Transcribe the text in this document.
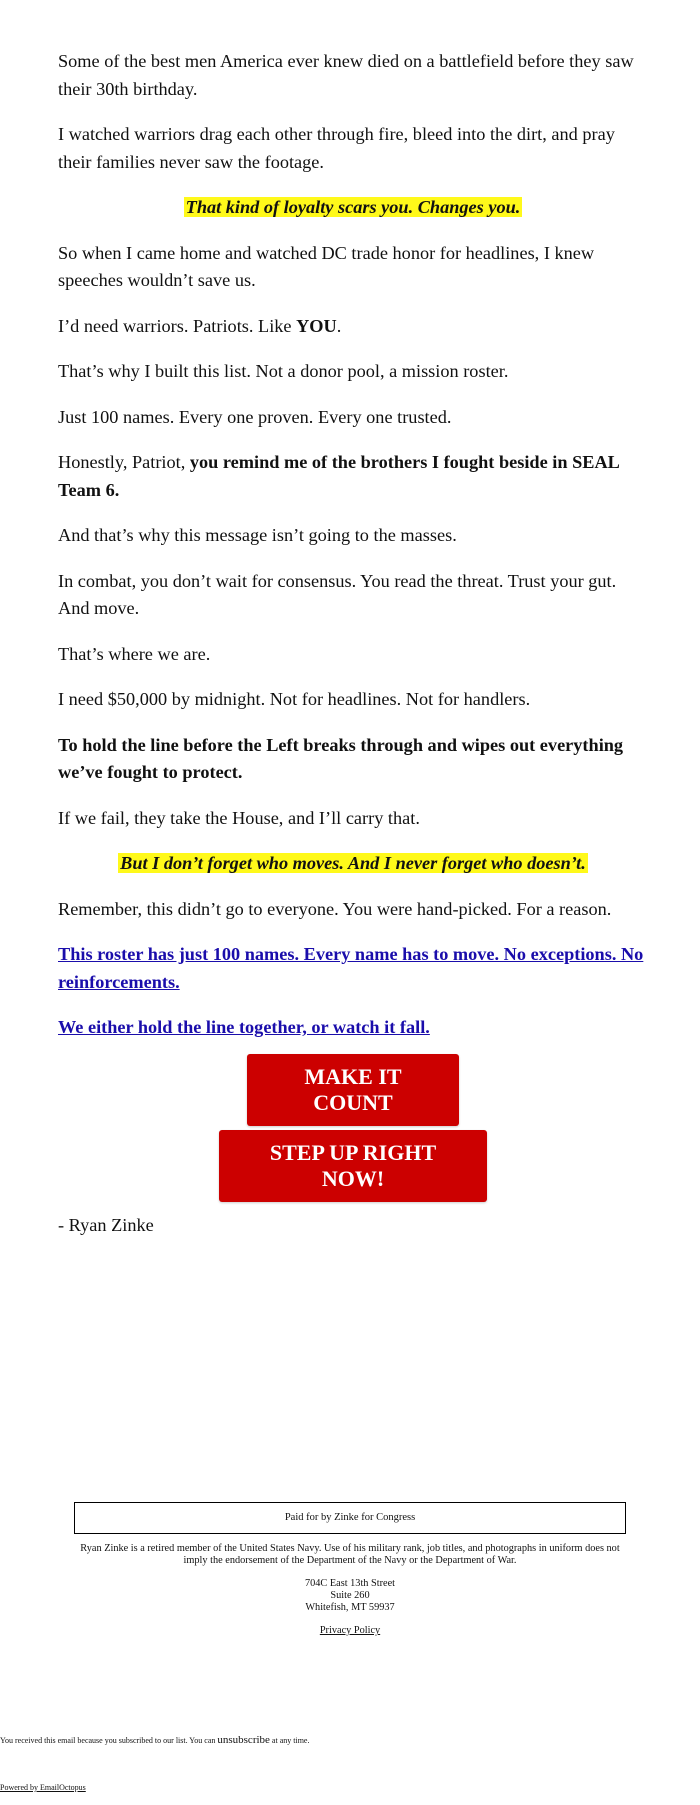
Some of the best men America ever knew died on a battlefield before they saw their 30th birthday.

I watched warriors drag each other through fire, bleed into the dirt, and pray their families never saw the footage.

That kind of loyalty scars you. Changes you.

So when I came home and watched DC trade honor for headlines, I knew speeches wouldn’t save us.

I’d need warriors. Patriots. Like YOU.

That’s why I built this list. Not a donor pool, a mission roster.

Just 100 names. Every one proven. Every one trusted.

Honestly, Patriot, you remind me of the brothers I fought beside in SEAL Team 6.

And that’s why this message isn’t going to the masses.

In combat, you don’t wait for consensus. You read the threat. Trust your gut. And move.

That’s where we are.

I need $50,000 by midnight. Not for headlines. Not for handlers.

To hold the line before the Left breaks through and wipes out everything we’ve fought to protect.

If we fail, they take the House, and I’ll carry that.

But I don’t forget who moves. And I never forget who doesn’t.

Remember, this didn’t go to everyone. You were hand-picked. For a reason.

This roster has just 100 names. Every name has to move. No exceptions. No reinforcements.

We either hold the line together, or watch it fall.

MAKE IT COUNT
STEP UP RIGHT NOW!

- Ryan Zinke

Paid for by Zinke for Congress

Ryan Zinke is a retired member of the United States Navy. Use of his military rank, job titles, and photographs in uniform does not imply the endorsement of the Department of the Navy or the Department of War.

704C East 13th Street
Suite 260
Whitefish, MT 59937

Privacy Policy

You received this email because you subscribed to our list. You can unsubscribe at any time.
Powered by EmailOctopus
